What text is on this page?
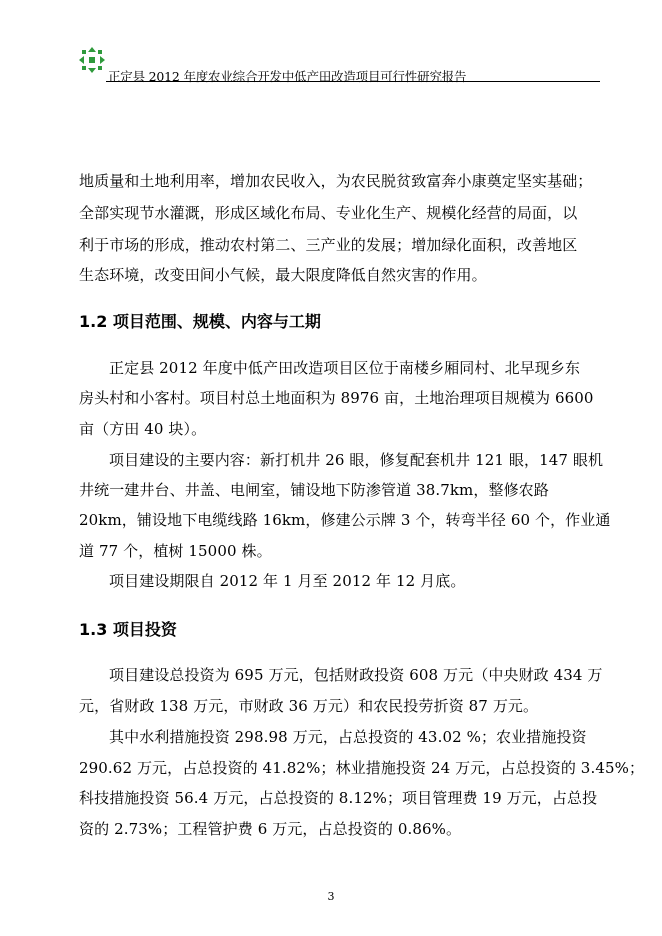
正定县 2012 年度农业综合开发中低产田改造项目可行性研究报告
地质量和土地利用率，增加农民收入，为农民脱贫致富奔小康奠定坚实基础；
全部实现节水灌溉，形成区域化布局、专业化生产、规模化经营的局面，以
利于市场的形成，推动农村第二、三产业的发展；增加绿化面积，改善地区
生态环境，改变田间小气候，最大限度降低自然灾害的作用。
1.2 项目范围、规模、内容与工期
正定县 2012 年度中低产田改造项目区位于南楼乡厢同村、北早现乡东
房头村和小客村。项目村总土地面积为 8976 亩，土地治理项目规模为 6600
亩（方田 40 块）。
项目建设的主要内容：新打机井 26 眼，修复配套机井 121 眼，147 眼机
井统一建井台、井盖、电闸室，铺设地下防渗管道 38.7km，整修农路
20km，铺设地下电缆线路 16km，修建公示牌 3 个，转弯半径 60 个，作业通
道 77 个，植树 15000 株。
项目建设期限自 2012 年 1 月至 2012 年 12 月底。
1.3 项目投资
项目建设总投资为 695 万元，包括财政投资 608 万元（中央财政 434 万
元，省财政 138 万元，市财政 36 万元）和农民投劳折资 87 万元。
其中水利措施投资 298.98 万元，占总投资的 43.02 %；农业措施投资
290.62 万元，占总投资的 41.82%；林业措施投资 24 万元，占总投资的 3.45%；
科技措施投资 56.4 万元，占总投资的 8.12%；项目管理费 19 万元，占总投
资的 2.73%；工程管护费 6 万元，占总投资的 0.86%。
3
